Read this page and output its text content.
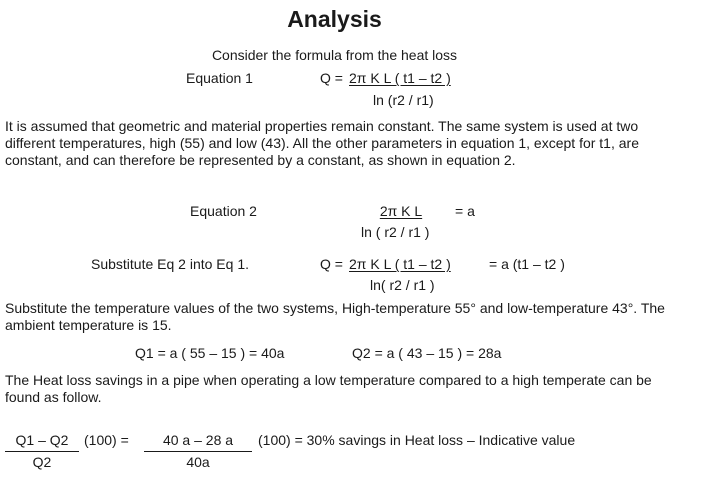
Analysis
Consider the formula from the heat loss
Equation 1	Q = 2π K L ( t1 – t2 )
ln (r2 / r1)
It is assumed that geometric and material properties remain constant. The same system is used at two different temperatures, high (55) and low (43). All the other parameters in equation 1, except for t1, are constant, and can therefore be represented by a constant, as shown in equation 2.
Equation 2	2π K L	= a
ln ( r2 / r1 )
Substitute Eq 2 into Eq 1.	Q = 2π K L ( t1 – t2 )	= a (t1 – t2 )
ln( r2 / r1 )
Substitute the temperature values of the two systems, High-temperature 55° and low-temperature 43°. The ambient temperature is 15.
Q1 = a ( 55 – 15 ) = 40a	Q2 = a ( 43 – 15 ) = 28a
The Heat loss savings in a pipe when operating a low temperature compared to a high temperate can be found as follow.
$\frac{Q1 - Q2}{Q2} (100) = \frac{40 a - 28 a}{40a} (100) = 30\%$ savings in Heat loss – Indicative value
